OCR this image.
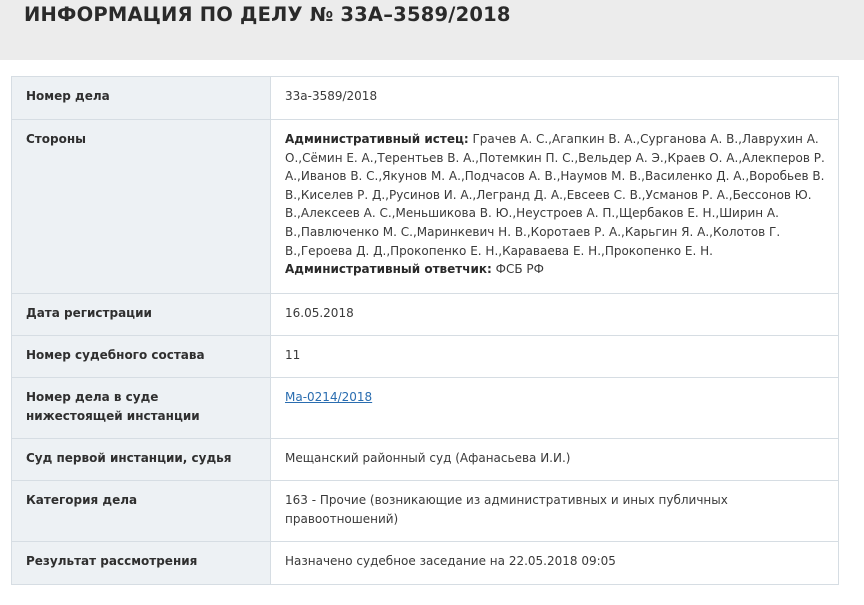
ИНФОРМАЦИЯ ПО ДЕЛУ № 33А–3589/2018
Номер дела	33а-3589/2018
Стороны	Административный истец: Грачев А. С.,Агапкин В. А.,Сурганова А. В.,Лаврухин А. О.,Сёмин Е. А.,Терентьев В. А.,Потемкин П. С.,Вельдер А. Э.,Краев О. А.,Алекперов Р. А.,Иванов В. С.,Якунов М. А.,Подчасов А. В.,Наумов М. В.,Василенко Д. А.,Воробьев В. В.,Киселев Р. Д.,Русинов И. А.,Легранд Д. А.,Евсеев С. В.,Усманов Р. А.,Бессонов Ю. В.,Алексеев А. С.,Меньшикова В. Ю.,Неустроев А. П.,Щербаков Е. Н.,Ширин А. В.,Павлюченко М. С.,Маринкевич Н. В.,Коротаев Р. А.,Карьгин Я. А.,Колотов Г. В.,Героева Д. Д.,Прокопенко Е. Н.,Караваева Е. Н.,Прокопенко Е. Н.
Административный ответчик: ФСБ РФ
Дата регистрации	16.05.2018
Номер судебного состава	11
Номер дела в суде нижестоящей инстанции	Ма-0214/2018
Суд первой инстанции, судья	Мещанский районный суд (Афанасьева И.И.)
Категория дела	163 - Прочие (возникающие из административных и иных публичных правоотношений)
Результат рассмотрения	Назначено судебное заседание на 22.05.2018 09:05
